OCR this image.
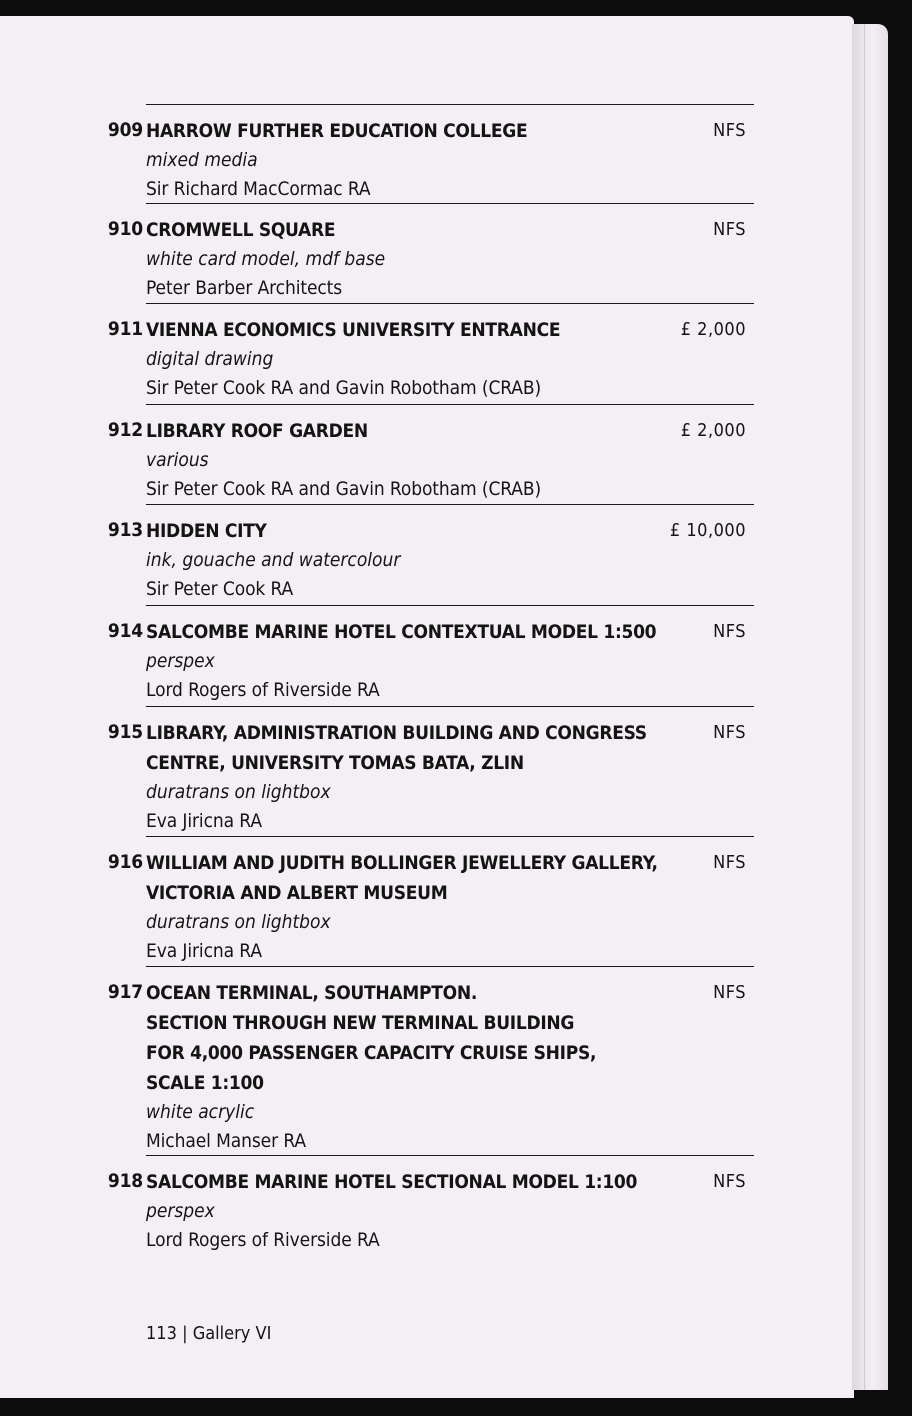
909 HARROW FURTHER EDUCATION COLLEGE
mixed media
Sir Richard MacCormac RA
NFS
910 CROMWELL SQUARE
white card model, mdf base
Peter Barber Architects
NFS
911 VIENNA ECONOMICS UNIVERSITY ENTRANCE
digital drawing
Sir Peter Cook RA and Gavin Robotham (CRAB)
£ 2,000
912 LIBRARY ROOF GARDEN
various
Sir Peter Cook RA and Gavin Robotham (CRAB)
£ 2,000
913 HIDDEN CITY
ink, gouache and watercolour
Sir Peter Cook RA
£ 10,000
914 SALCOMBE MARINE HOTEL CONTEXTUAL MODEL 1:500
perspex
Lord Rogers of Riverside RA
NFS
915 LIBRARY, ADMINISTRATION BUILDING AND CONGRESS
CENTRE, UNIVERSITY TOMAS BATA, ZLIN
duratrans on lightbox
Eva Jiricna RA
NFS
916 WILLIAM AND JUDITH BOLLINGER JEWELLERY GALLERY,
VICTORIA AND ALBERT MUSEUM
duratrans on lightbox
Eva Jiricna RA
NFS
917 OCEAN TERMINAL, SOUTHAMPTON.
SECTION THROUGH NEW TERMINAL BUILDING
FOR 4,000 PASSENGER CAPACITY CRUISE SHIPS,
SCALE 1:100
white acrylic
Michael Manser RA
NFS
918 SALCOMBE MARINE HOTEL SECTIONAL MODEL 1:100
perspex
Lord Rogers of Riverside RA
NFS
113 | Gallery VI
